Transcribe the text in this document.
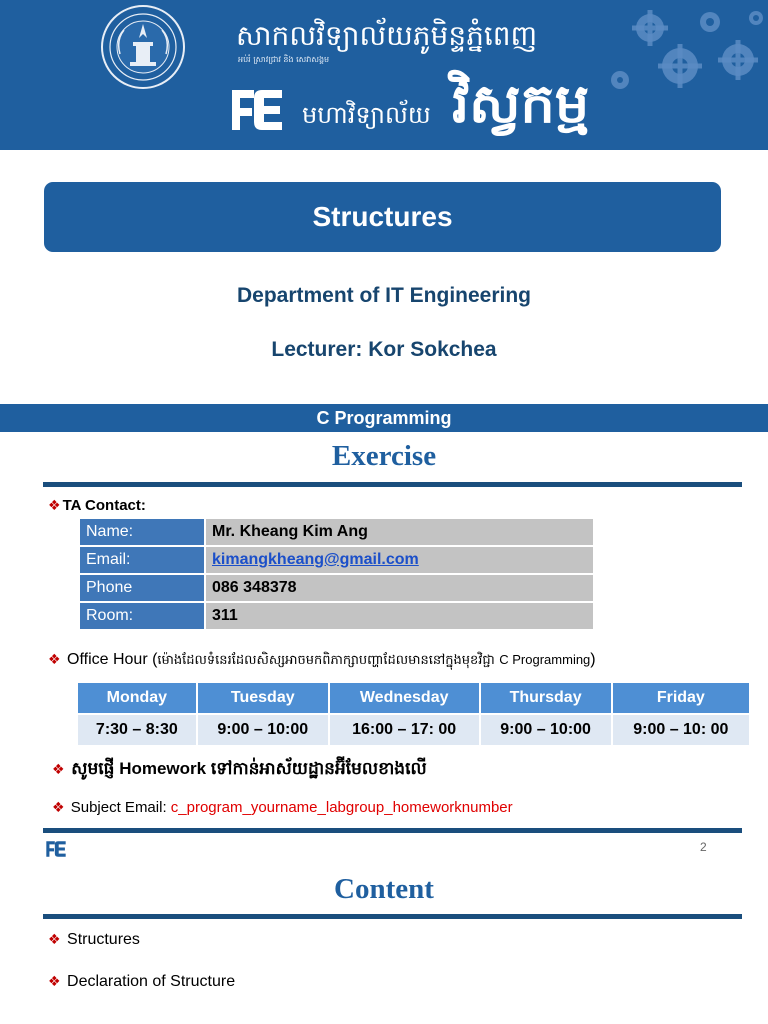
សាកលវិទ្យាល័យភូមិន្ទភ្នំពេញ
អប់រំ ស្រាវជ្រាវ និង សេវាសង្គម
មហាវិទ្យាល័យ វិស្វកម្ម
Structures
Department of IT Engineering
Lecturer: Kor Sokchea
C Programming
Exercise
❖ TA Contact:
Name:	Mr. Kheang Kim Ang
Email:	kimangkheang@gmail.com
Phone	086 348378
Room:	311
❖ Office Hour (ម៉ោងដែលទំនេរដែលសិស្សអាចមកពិភាក្សាបញ្ហាដែលមាននៅក្នុងមុខវិជ្ជា C Programming)
Monday	Tuesday	Wednesday	Thursday	Friday
7:30 – 8:30	9:00 – 10:00	16:00 – 17: 00	9:00 – 10:00	9:00 – 10: 00
❖ សូមផ្ញើ Homework ទៅកាន់អាស័យដ្ឋានអ៊ីមែលខាងលើ
❖ Subject Email: c_program_yourname_labgroup_homeworknumber
2
Content
❖ Structures
❖ Declaration of Structure
